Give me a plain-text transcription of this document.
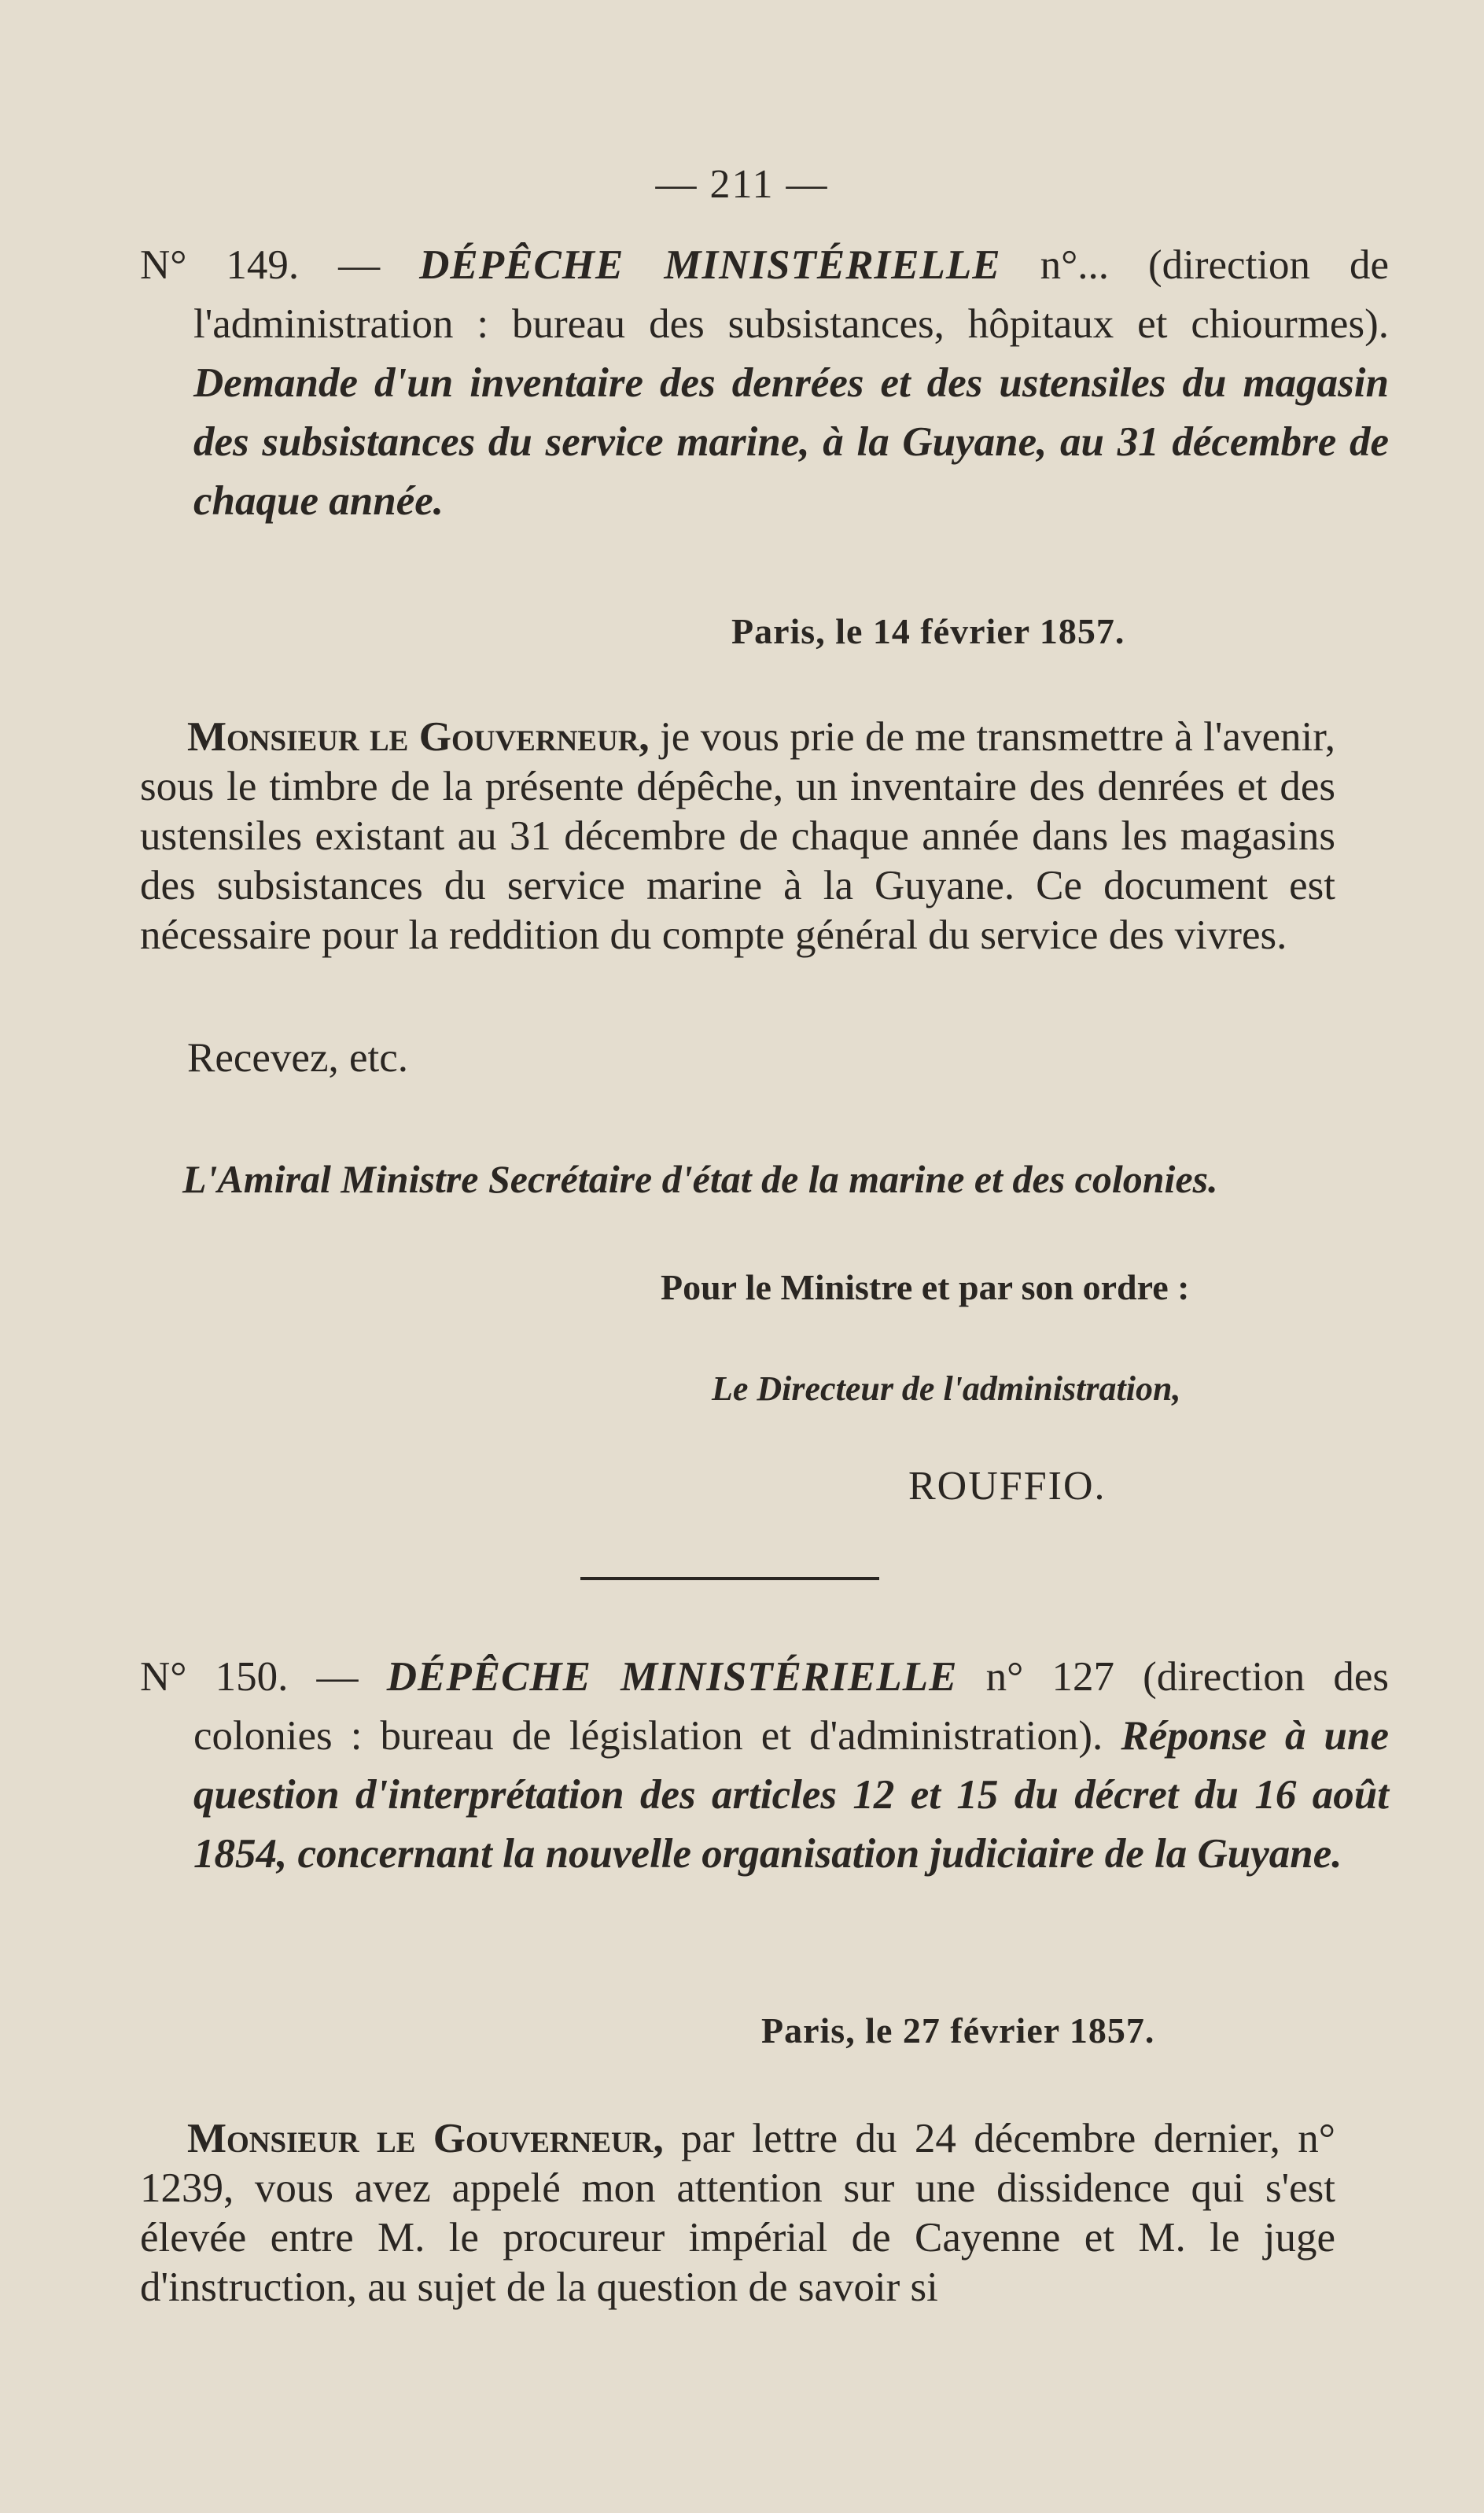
— 211 —
N° 149. — DÉPÊCHE MINISTÉRIELLE n°... (direction de l'administration : bureau des subsistances, hôpitaux et chiourmes). Demande d'un inventaire des denrées et des ustensiles du magasin des subsistances du service marine, à la Guyane, au 31 décembre de chaque année.
Paris, le 14 février 1857.

Monsieur le Gouverneur, je vous prie de me transmettre à l'avenir, sous le timbre de la présente dépêche, un inventaire des denrées et des ustensiles existant au 31 décembre de chaque année dans les magasins des subsistances du service marine à la Guyane. Ce document est nécessaire pour la reddition du compte général du service des vivres.

Recevez, etc.
L'Amiral Ministre Secrétaire d'état de la marine et des colonies.
Pour le Ministre et par son ordre :
Le Directeur de l'administration,
ROUFFIO.
N° 150. — DÉPÊCHE MINISTÉRIELLE n° 127 (direction des colonies : bureau de législation et d'administration). Réponse à une question d'interprétation des articles 12 et 15 du décret du 16 août 1854, concernant la nouvelle organisation judiciaire de la Guyane.
Paris, le 27 février 1857.

Monsieur le Gouverneur, par lettre du 24 décembre dernier, n° 1239, vous avez appelé mon attention sur une dissidence qui s'est élevée entre M. le procureur impérial de Cayenne et M. le juge d'instruction, au sujet de la question de savoir si
